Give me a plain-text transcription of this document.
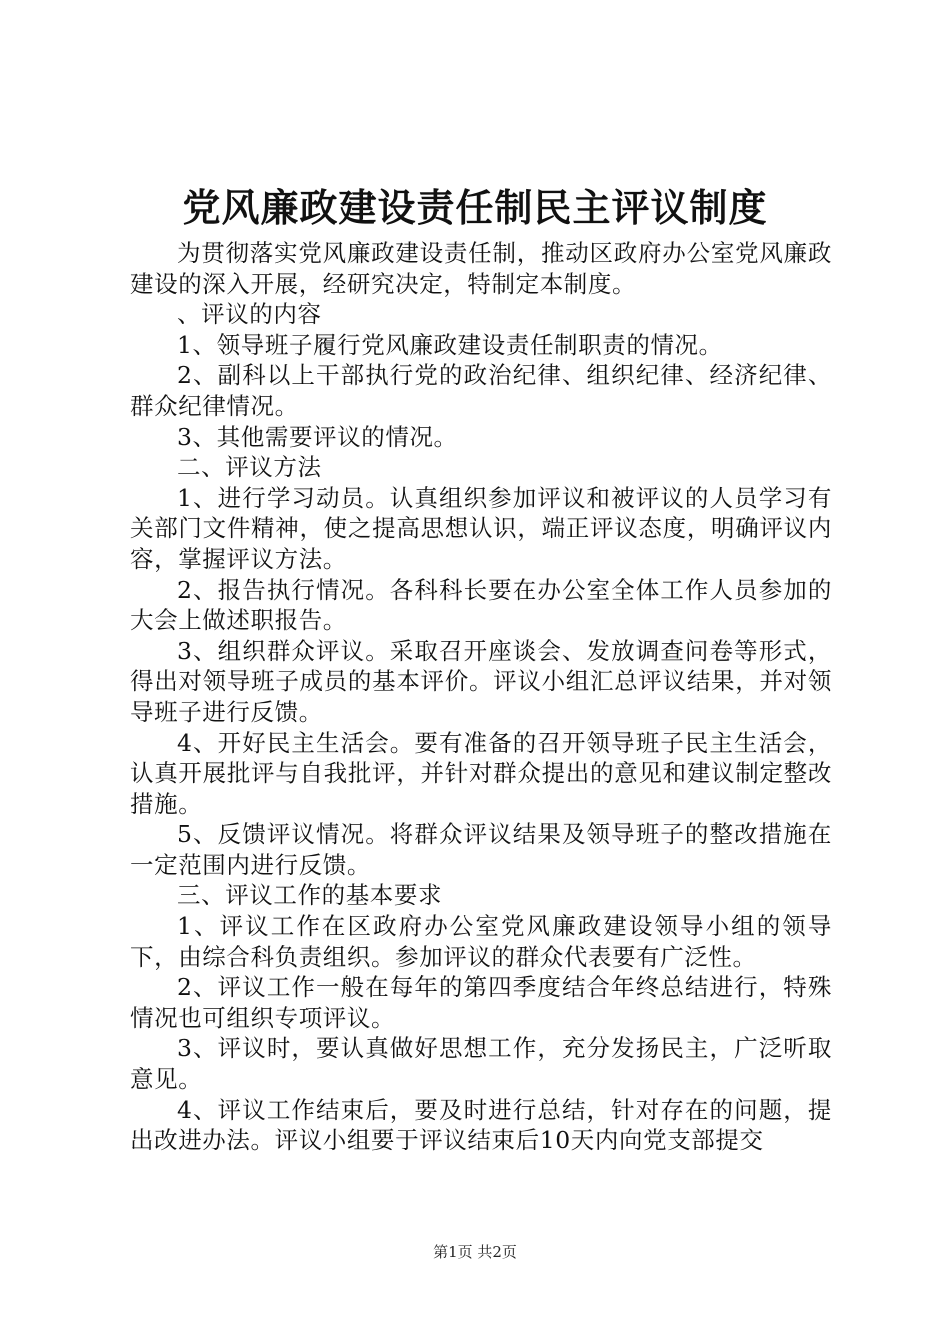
党风廉政建设责任制民主评议制度

为贯彻落实党风廉政建设责任制，推动区政府办公室党风廉政建设的深入开展，经研究决定，特制定本制度。

、评议的内容

1、领导班子履行党风廉政建设责任制职责的情况。

2、副科以上干部执行党的政治纪律、组织纪律、经济纪律、群众纪律情况。

3、其他需要评议的情况。

二、评议方法

1、进行学习动员。认真组织参加评议和被评议的人员学习有关部门文件精神，使之提高思想认识，端正评议态度，明确评议内容，掌握评议方法。

2、报告执行情况。各科科长要在办公室全体工作人员参加的大会上做述职报告。

3、组织群众评议。采取召开座谈会、发放调查问卷等形式，得出对领导班子成员的基本评价。评议小组汇总评议结果，并对领导班子进行反馈。

4、开好民主生活会。要有准备的召开领导班子民主生活会，认真开展批评与自我批评，并针对群众提出的意见和建议制定整改措施。

5、反馈评议情况。将群众评议结果及领导班子的整改措施在一定范围内进行反馈。

三、评议工作的基本要求

1、评议工作在区政府办公室党风廉政建设领导小组的领导下，由综合科负责组织。参加评议的群众代表要有广泛性。

2、评议工作一般在每年的第四季度结合年终总结进行，特殊情况也可组织专项评议。

3、评议时，要认真做好思想工作，充分发扬民主，广泛听取意见。

4、评议工作结束后，要及时进行总结，针对存在的问题，提出改进办法。评议小组要于评议结束后10天内向党支部提交

第1页 共2页
